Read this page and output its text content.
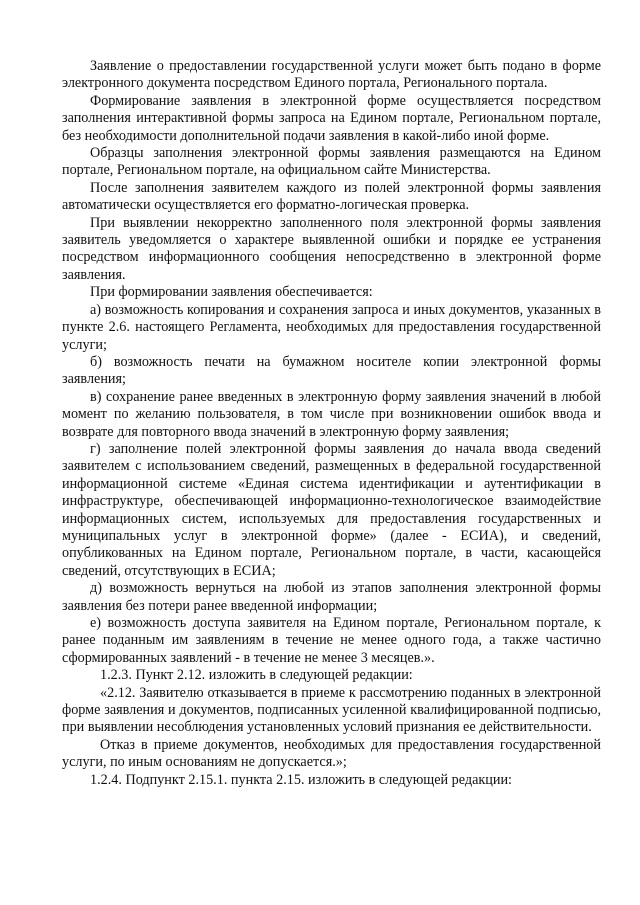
Заявление о предоставлении государственной услуги может быть подано в форме электронного документа посредством Единого портала, Регионального портала.

Формирование заявления в электронной форме осуществляется посредством заполнения интерактивной формы запроса на Едином портале, Региональном портале, без необходимости дополнительной подачи заявления в какой-либо иной форме.

Образцы заполнения электронной формы заявления размещаются на Едином портале, Региональном портале, на официальном сайте Министерства.

После заполнения заявителем каждого из полей электронной формы заявления автоматически осуществляется его форматно-логическая проверка.

При выявлении некорректно заполненного поля электронной формы заявления заявитель уведомляется о характере выявленной ошибки и порядке ее устранения посредством информационного сообщения непосредственно в электронной форме заявления.

При формировании заявления обеспечивается:

а) возможность копирования и сохранения запроса и иных документов, указанных в пункте 2.6. настоящего Регламента, необходимых для предоставления государственной услуги;

б) возможность печати на бумажном носителе копии электронной формы заявления;

в) сохранение ранее введенных в электронную форму заявления значений в любой момент по желанию пользователя, в том числе при возникновении ошибок ввода и возврате для повторного ввода значений в электронную форму заявления;

г) заполнение полей электронной формы заявления до начала ввода сведений заявителем с использованием сведений, размещенных в федеральной государственной информационной системе «Единая система идентификации и аутентификации в инфраструктуре, обеспечивающей информационно-технологическое взаимодействие информационных систем, используемых для предоставления государственных и муниципальных услуг в электронной форме» (далее - ЕСИА), и сведений, опубликованных на Едином портале, Региональном портале, в части, касающейся сведений, отсутствующих в ЕСИА;

д) возможность вернуться на любой из этапов заполнения электронной формы заявления без потери ранее введенной информации;

е) возможность доступа заявителя на Едином портале, Региональном портале, к ранее поданным им заявлениям в течение не менее одного года, а также частично сформированных заявлений - в течение не менее 3 месяцев.».

1.2.3. Пункт 2.12. изложить в следующей редакции:

«2.12. Заявителю отказывается в приеме к рассмотрению поданных в электронной форме заявления и документов, подписанных усиленной квалифицированной подписью, при выявлении несоблюдения установленных условий признания ее действительности.

Отказ в приеме документов, необходимых для предоставления государственной услуги, по иным основаниям не допускается.»;

1.2.4. Подпункт 2.15.1. пункта 2.15. изложить в следующей редакции:
